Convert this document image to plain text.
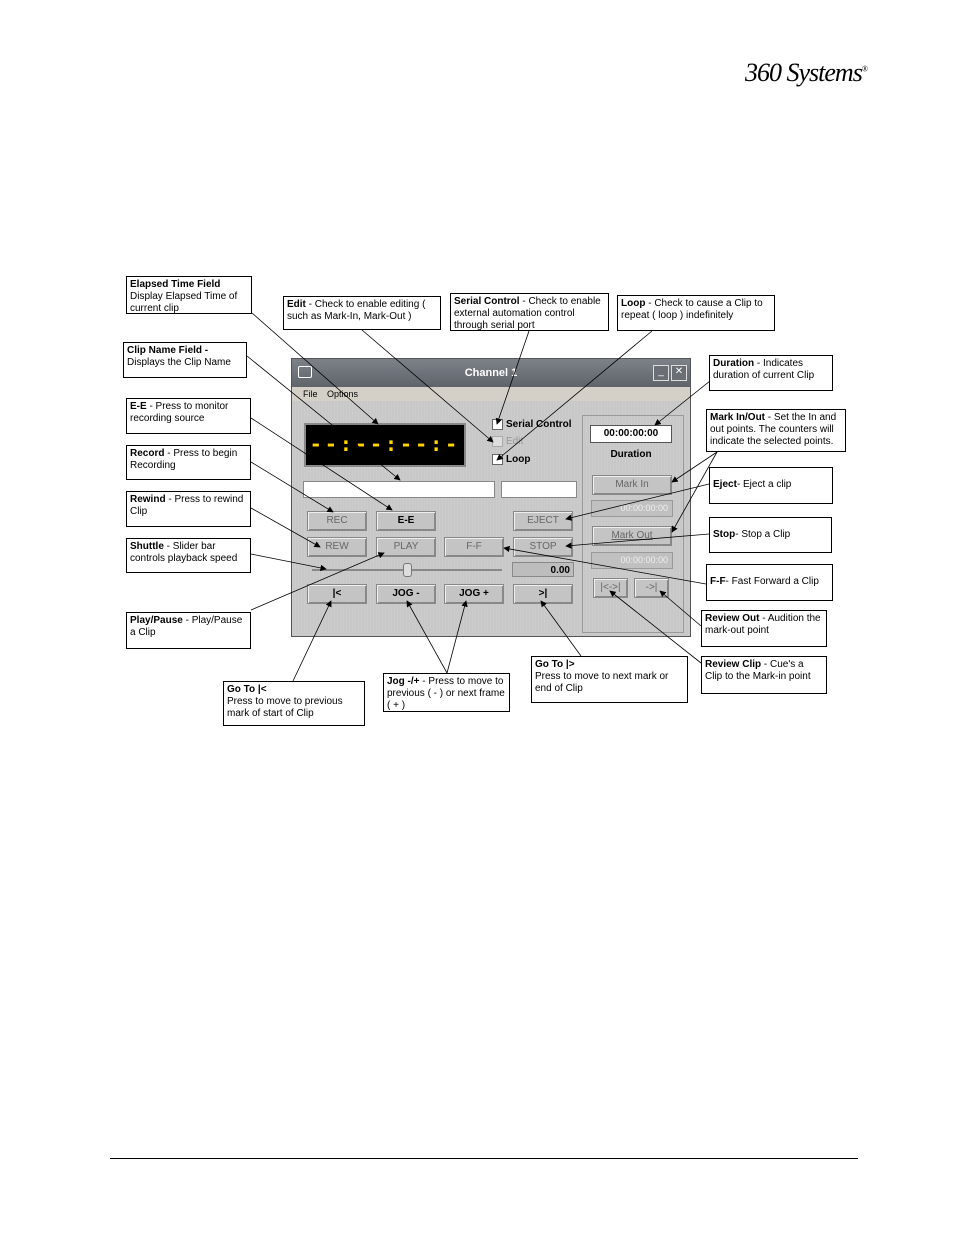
360 Systems®
Channel 1	_	✕
File Options
--:--:--:-
Serial Control
Edit
Loop
REC	E-E	EJECT
REW	PLAY	F-F	STOP
0.00
|<	JOG -	JOG +	>|
00:00:00:00
Duration
Mark In
00:00:00:00
Mark Out
00:00:00:00
|<->|	->|
Elapsed Time Field
Display Elapsed Time of current clip	Edit - Check to enable editing ( such as Mark-In, Mark-Out )
Serial Control - Check to enable external automation control through serial port
Loop - Check to cause a Clip to repeat ( loop ) indefinitely
Clip Name Field -
Displays the Clip Name	Duration - Indicates duration of current Clip
E-E - Press to monitor recording source	Mark In/Out - Set the In and out points. The counters will indicate the selected points.
Record - Press to begin Recording
Eject- Eject a clip
Rewind - Press to rewind Clip
Stop- Stop a Clip
Shuttle - Slider bar controls playback speed
F-F- Fast Forward a Clip
Play/Pause - Play/Pause a Clip
Review Out - Audition the mark-out point
Go To |<
Press to move to previous mark of start of Clip
Jog -/+ - Press to move to previous ( - ) or next frame ( + )
Go To |>
Press to move to next mark or end of Clip
Review Clip - Cue's a Clip to the Mark-in point
